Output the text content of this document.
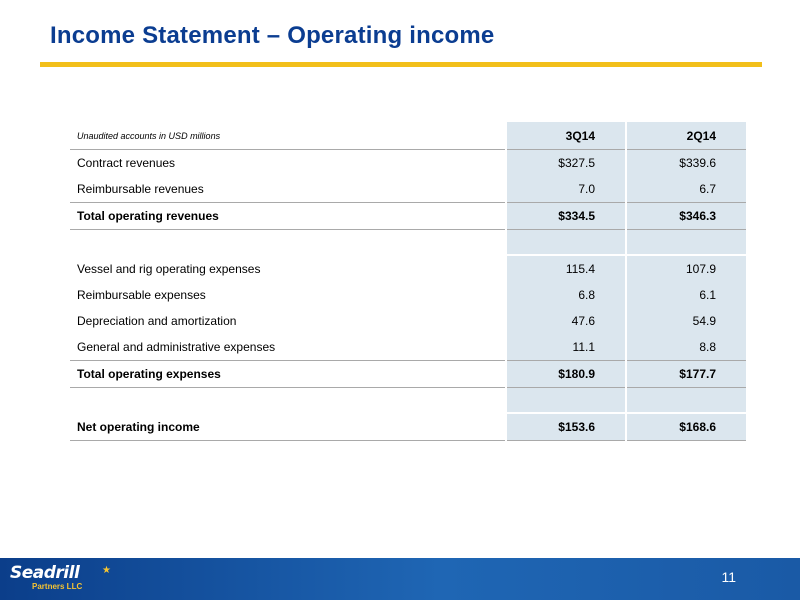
Income Statement – Operating income
Unaudited accounts in USD millions	3Q14	2Q14
Contract revenues	$327.5	$339.6
Reimbursable revenues	7.0	6.7
Total operating revenues	$334.5	$346.3

Vessel and rig operating expenses	115.4	107.9
Reimbursable expenses	6.8	6.1
Depreciation and amortization	47.6	54.9
General and administrative expenses	11.1	8.8
Total operating expenses	$180.9	$177.7

Net operating income	$153.6	$168.6
★
Seadrill
Partners LLC
11
